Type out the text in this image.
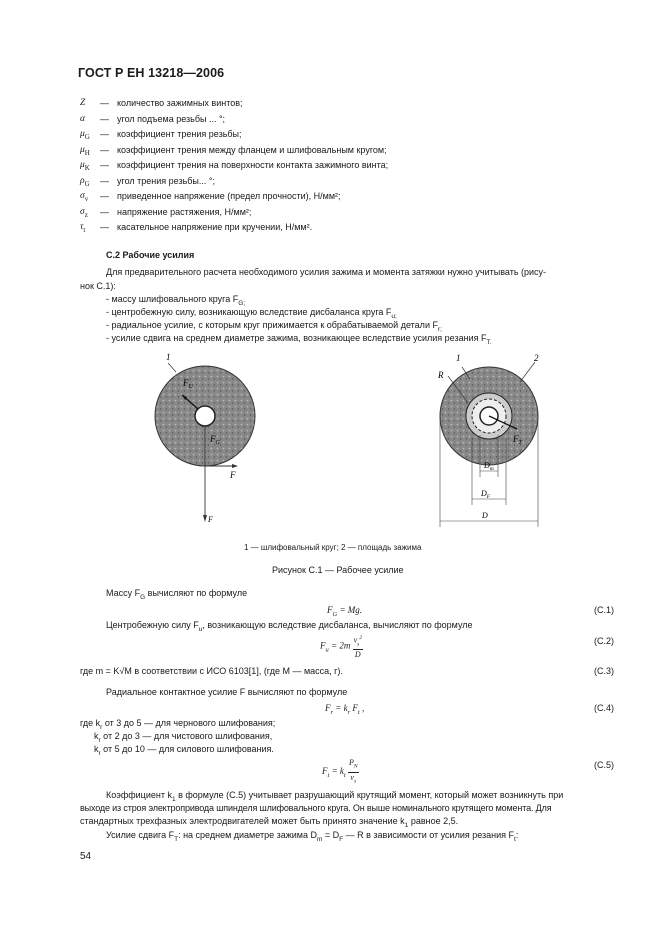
ГОСТ Р ЕН 13218—2006
Z — количество зажимных винтов;
α — угол подъема резьбы ... °;
$\mu_G$ — коэффициент трения резьбы;
$\mu_H$ — коэффициент трения между фланцем и шлифовальным кругом;
$\mu_K$ — коэффициент трения на поверхности контакта зажимного винта;
$\rho_G$ — угол трения резьбы... °;
$\sigma_v$ — приведенное напряжение (предел прочности), Н/мм²;
$\sigma_z$ — напряжение растяжения, Н/мм²;
$\tau_t$ — касательное напряжение при кручении, Н/мм².
С.2 Рабочие усилия
Для предварительного расчета необходимого усилия зажима и момента затяжки нужно учитывать (рису-
нок С.1):
- массу шлифовального круга $F_{G;}$
- центробежную силу, возникающую вследствие дисбаланса круга $F_{u;}$
- радиальное усилие, с которым круг прижимается к обрабатываемой детали $F_{r;}$
- усилие сдвига на среднем диаметре зажима, возникающее вследствие усилия резания $F_{T.}$
1
$F_U$
$F_G$
F
F
1	2
R
$F_T$
$D_m$
$D_F$
D
1 — шлифовальный круг; 2 — площадь зажима
Рисунок С.1 — Рабочее усилие
Массу $F_G$ вычисляют по формуле
$F_G = Mg$.	(С.1)
Центробежную силу $F_u$, возникающую вследствие дисбаланса, вычисляют по формуле
$F_u = 2m \frac{v_s^2}{D}$	(С.2)
где m = K√M в соответствии с ИСО 6103[1], (где M — масса, г).	(С.3)
Радиальное контактное усилие F вычисляют по формуле
$F_r = k_r$ $F_t$ ,	(С.4)
где $k_r$ от 3 до 5 — для чернового шлифования;
$k_r$ от 2 до 3 — для чистового шлифования,
$k_r$ от 5 до 10 — для силового шлифования.
$F_t = k_t \frac{P_N}{v_s}$	(С.5)
Коэффициент $k_1$ в формуле (С.5) учитывает разрушающий крутящий момент, который может возникнуть при
выходе из строя электропривода шпинделя шлифовального круга. Он выше номинального крутящего момента. Для
стандартных трехфазных электродвигателей может быть принято значение $k_1$ равное 2,5.
Усилие сдвига $F_T$: на среднем диаметре зажима $D_m = D_F$ — R в зависимости от усилия резания $F_t$:
54
